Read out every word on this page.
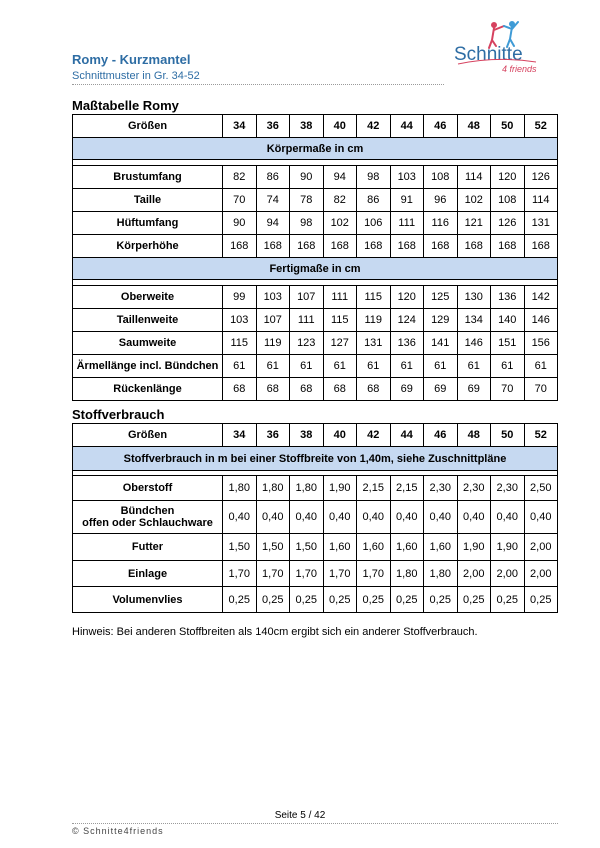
Romy - Kurzmantel
Schnittmuster in Gr. 34-52
Schnitte
4 friends
Maßtabelle Romy
Größen	34	36	38	40	42	44	46	48	50	52
Körpermaße in cm										

Brustumfang	82	86	90	94	98	103	108	114	120	126
Taille	70	74	78	82	86	91	96	102	108	114
Hüftumfang	90	94	98	102	106	111	116	121	126	131
Körperhöhe	168	168	168	168	168	168	168	168	168	168
Fertigmaße in cm										

Oberweite	99	103	107	111	115	120	125	130	136	142
Taillenweite	103	107	111	115	119	124	129	134	140	146
Saumweite	115	119	123	127	131	136	141	146	151	156
Ärmellänge incl. Bündchen	61	61	61	61	61	61	61	61	61	61
Rückenlänge	68	68	68	68	68	69	69	69	70	70
Stoffverbrauch
Größen	34	36	38	40	42	44	46	48	50	52
Stoffverbrauch in m bei einer Stoffbreite von 1,40m, siehe Zuschnittpläne										

Oberstoff	1,80	1,80	1,80	1,90	2,15	2,15	2,30	2,30	2,30	2,50

Bündchen
offen oder Schlauchware	0,40	0,40	0,40	0,40	0,40	0,40	0,40	0,40	0,40	0,40
Futter	1,50	1,50	1,50	1,60	1,60	1,60	1,60	1,90	1,90	2,00
Einlage	1,70	1,70	1,70	1,70	1,70	1,80	1,80	2,00	2,00	2,00
Volumenvlies	0,25	0,25	0,25	0,25	0,25	0,25	0,25	0,25	0,25	0,25
Hinweis: Bei anderen Stoffbreiten als 140cm ergibt sich ein anderer Stoffverbrauch.
Seite 5 / 42
© Schnitte4friends
